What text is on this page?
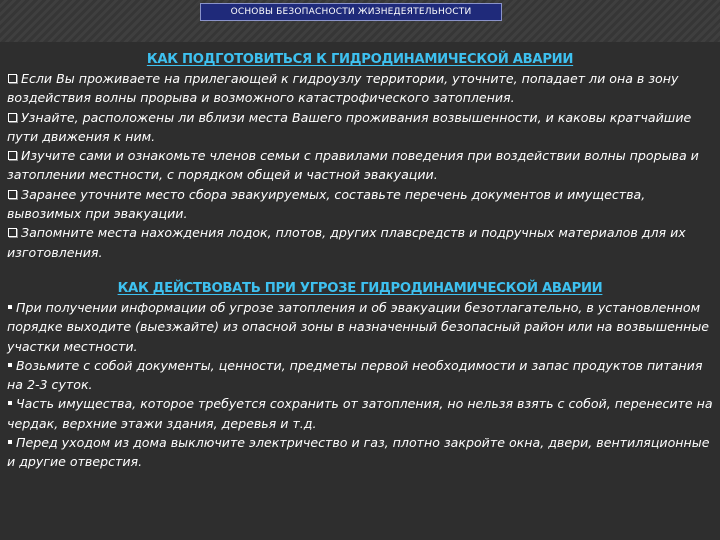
ОСНОВЫ БЕЗОПАСНОСТИ ЖИЗНЕДЕЯТЕЛЬНОСТИ
КАК ПОДГОТОВИТЬСЯ К ГИДРОДИНАМИЧЕСКОЙ АВАРИИ
Если Вы проживаете на прилегающей к гидроузлу территории, уточните, попадает ли она в зону воздействия волны прорыва и возможного катастрофического затопления.
Узнайте, расположены ли вблизи места Вашего проживания возвышенности, и каковы кратчайшие пути движения к ним.
Изучите сами и ознакомьте членов семьи с правилами поведения при воздействии волны прорыва и затоплении местности, с порядком общей и частной эвакуации.
Заранее уточните место сбора эвакуируемых, составьте перечень документов и имущества, вывозимых при эвакуации.
Запомните места нахождения лодок, плотов, других плавсредств и подручных материалов для их изготовления.
КАК ДЕЙСТВОВАТЬ ПРИ УГРОЗЕ ГИДРОДИНАМИЧЕСКОЙ АВАРИИ
При получении информации об угрозе затопления и об эвакуации безотлагательно, в установленном порядке выходите (выезжайте) из опасной зоны в назначенный безопасный район или на возвышенные участки местности.
Возьмите с собой документы, ценности, предметы первой необходимости и запас продуктов питания на 2-3 суток.
Часть имущества, которое требуется сохранить от затопления, но нельзя взять с собой, перенесите на чердак, верхние этажи здания, деревья и т.д.
Перед уходом из дома выключите электричество и газ, плотно закройте окна, двери, вентиляционные и другие отверстия.
